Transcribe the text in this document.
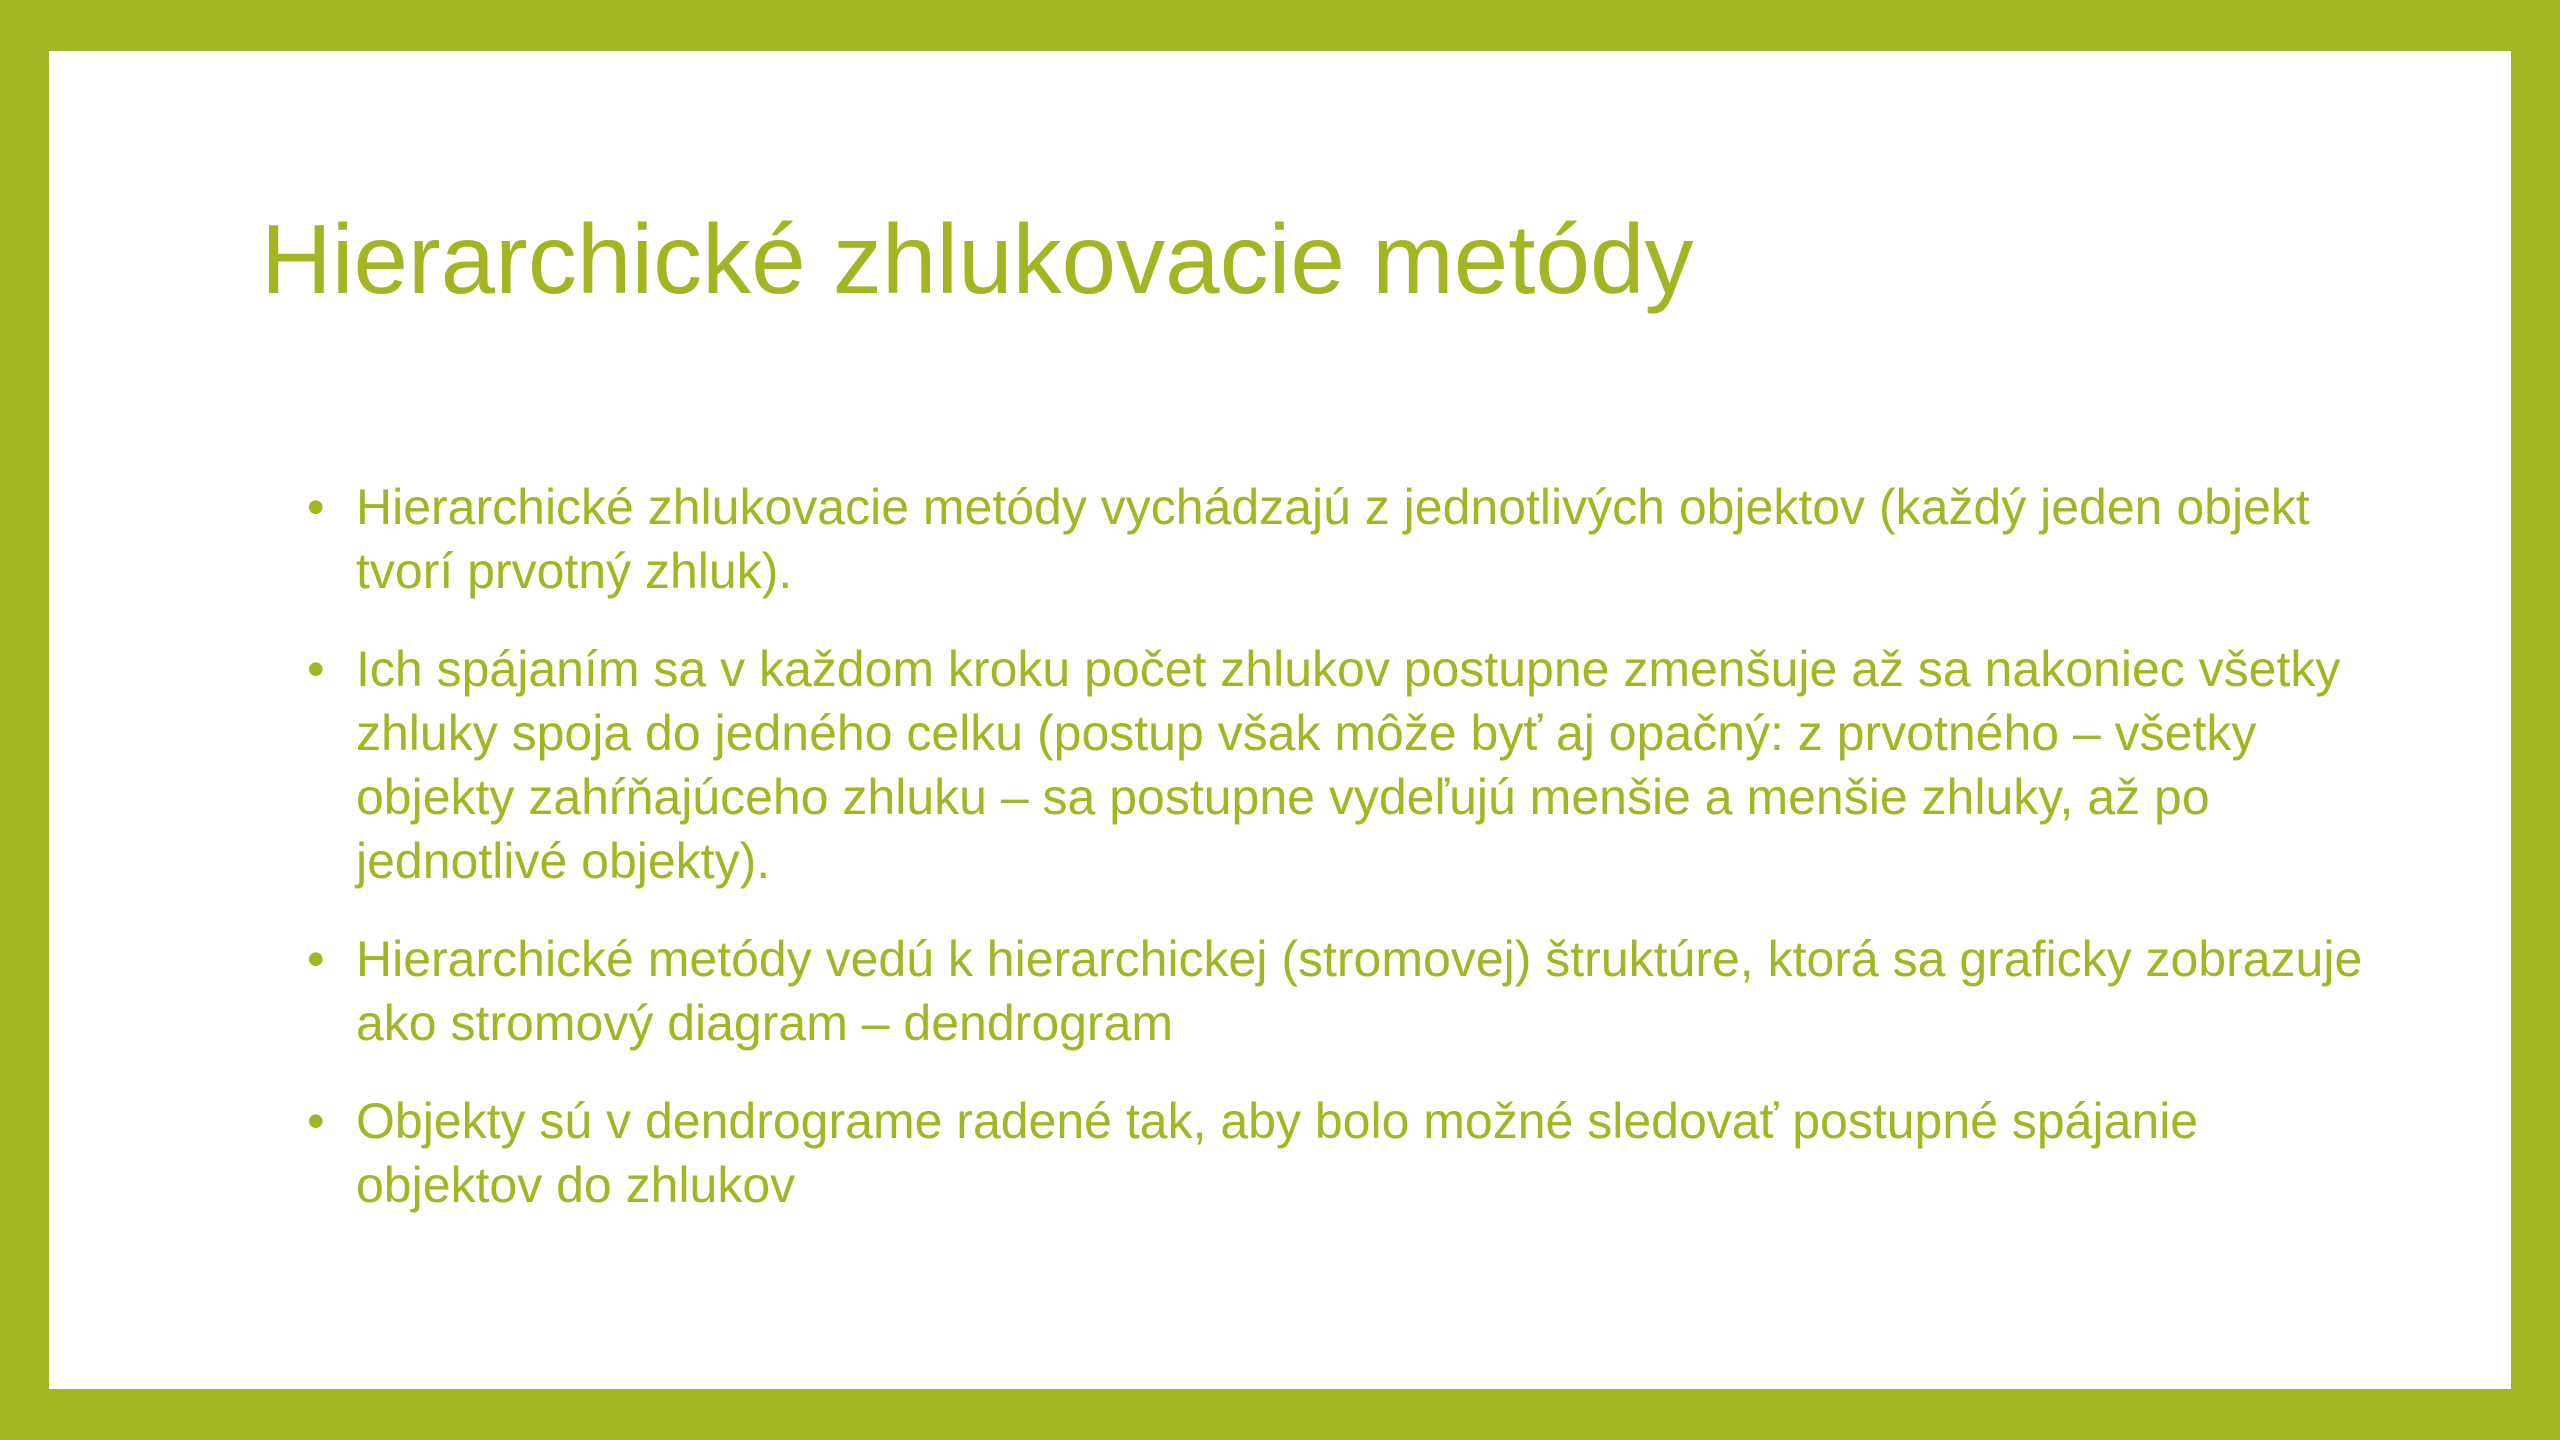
Hierarchické zhlukovacie metódy
• Hierarchické zhlukovacie metódy vychádzajú z jednotlivých objektov (každý jeden objekt tvorí prvotný zhluk).
• Ich spájaním sa v každom kroku počet zhlukov postupne zmenšuje až sa nakoniec všetky zhluky spoja do jedného celku (postup však môže byť aj opačný: z prvotného – všetky objekty zahŕňajúceho zhluku – sa postupne vydeľujú menšie a menšie zhluky, až po jednotlivé objekty).
• Hierarchické metódy vedú k hierarchickej (stromovej) štruktúre, ktorá sa graficky zobrazuje ako stromový diagram – dendrogram
• Objekty sú v dendrograme radené tak, aby bolo možné sledovať postupné spájanie objektov do zhlukov
